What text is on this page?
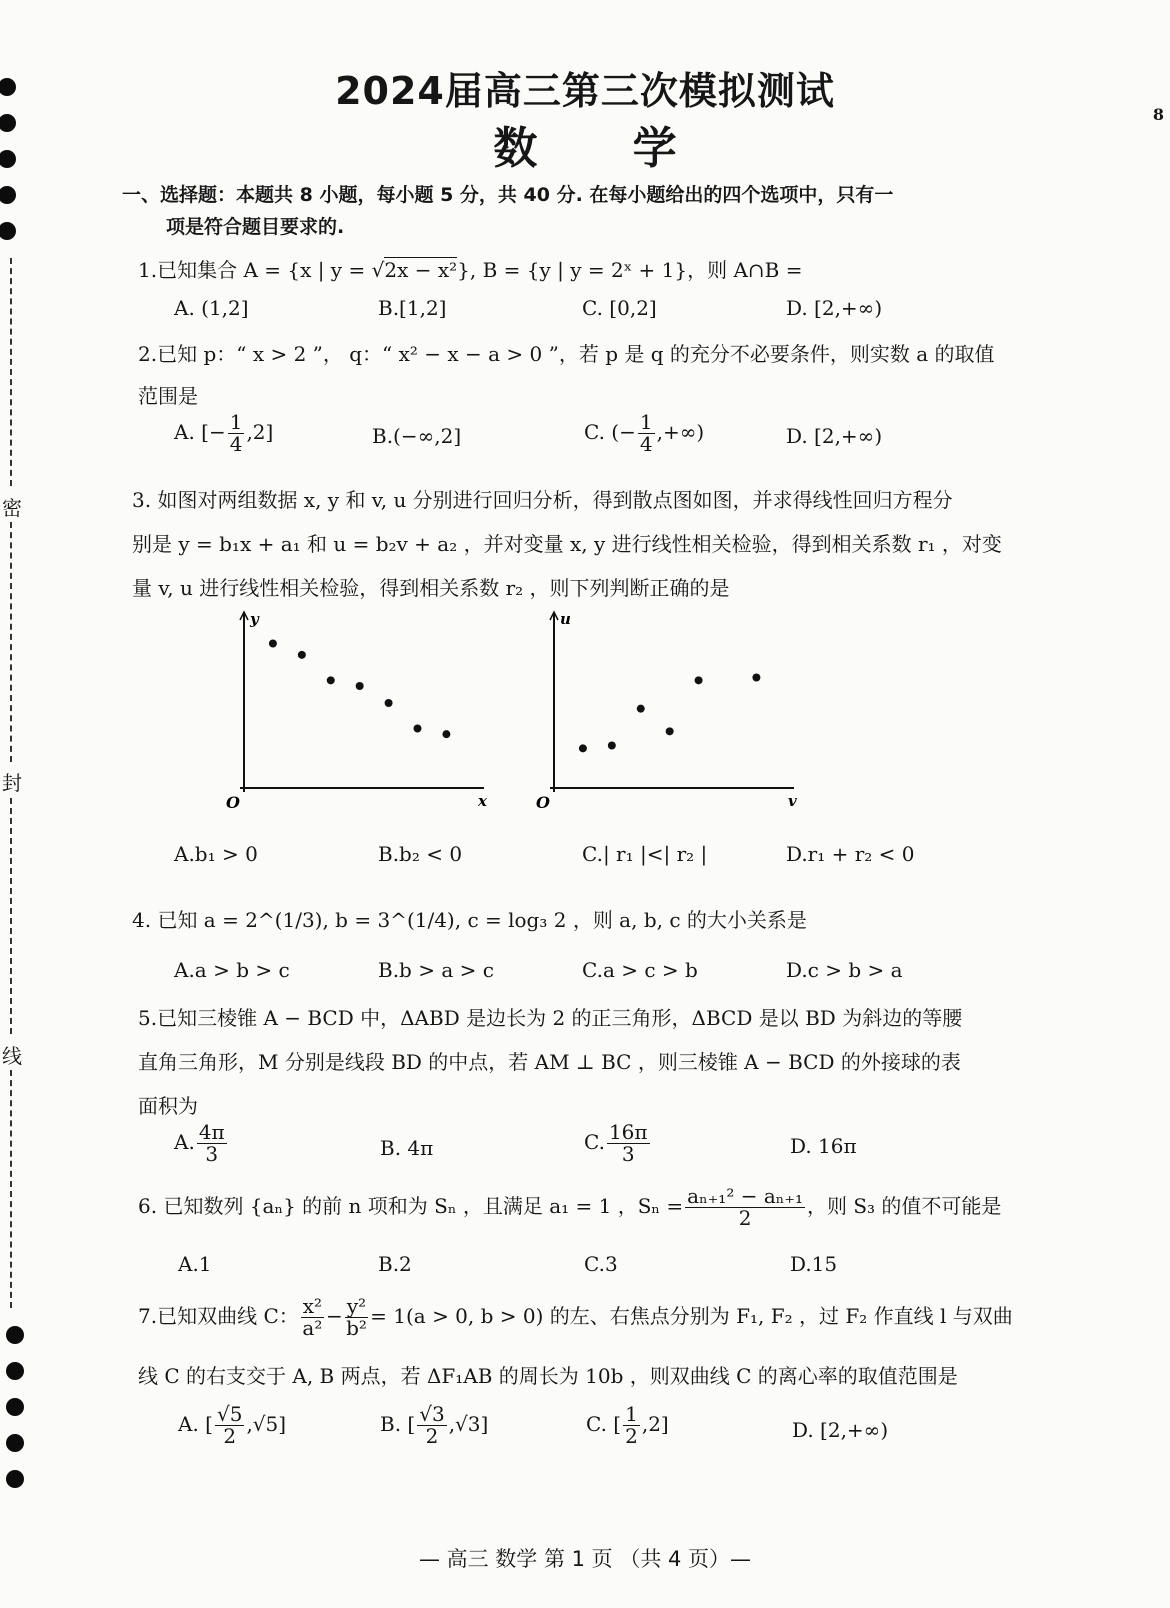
密
封
线
2024届高三第三次模拟测试
数 学
8
一、选择题：本题共 8 小题，每小题 5 分，共 40 分. 在每小题给出的四个选项中，只有一
项是符合题目要求的.
1.已知集合 A = {x | y = √2x − x²}, B = {y | y = 2ˣ + 1}，则 A∩B =
A. (1,2]	B.[1,2]	C. [0,2]	D. [2,+∞)
2.已知 p：“ x > 2 ”， q：“ x² − x − a > 0 ”，若 p 是 q 的充分不必要条件，则实数 a 的取值
范围是
A. [− $\frac{1}{4} ,2$]	B.(−∞,2]	C. (− $\frac{1}{4}$ ,+∞)	D. [2,+∞)
3. 如图对两组数据 x, y 和 v, u 分别进行回归分析，得到散点图如图，并求得线性回归方程分
别是 y = b₁x + a₁ 和 u = b₂v + a₂ ，并对变量 x, y 进行线性相关检验，得到相关系数 r₁ ，对变
量 v, u 进行线性相关检验，得到相关系数 r₂ ，则下列判断正确的是
y
x
O
u
v
O
A.b₁ > 0	B.b₂ < 0	C.| r₁ |<| r₂ |	D.r₁ + r₂ < 0
4. 已知 a = 2^(1/3), b = 3^(1/4), c = log₃ 2 ，则 a, b, c 的大小关系是
A.a > b > c	B.b > a > c	C.a > c > b	D.c > b > a
5.已知三棱锥 A − BCD 中，ΔABD 是边长为 2 的正三角形，ΔBCD 是以 BD 为斜边的等腰
直角三角形，M 分别是线段 BD 的中点，若 AM ⊥ BC ，则三棱锥 A − BCD 的外接球的表
面积为
A. $\frac{4\pi}{3}$	B. 4π	C. $\frac{16\pi}{3}$	D. 16π
6. 已知数列 {aₙ} 的前 n 项和为 Sₙ ，且满足 a₁ = 1 ，$S_n = \frac{\text{aₙ₊₁² − aₙ₊₁}}{2}$ ，则 S₃ 的值不可能是
A.1	B.2	C.3	D.15
7.已知双曲线 C： $\frac{\text{x²}}{\text{a²}} - \frac{\text{y²}}{\text{b²}} = 1(a > 0$, b > 0) 的左、右焦点分别为 F₁, F₂ ，过 F₂ 作直线 l 与双曲
线 C 的右支交于 A, B 两点，若 ΔF₁AB 的周长为 10b ，则双曲线 C 的离心率的取值范围是
A. [ $\frac{√5}{2} ,√5$]	B. [ $\frac{√3}{2} ,√3$]	C. [ $\frac{1}{2} ,2$]	D. [2,+∞)
— 高三 数学 第 1 页 （共 4 页）—
